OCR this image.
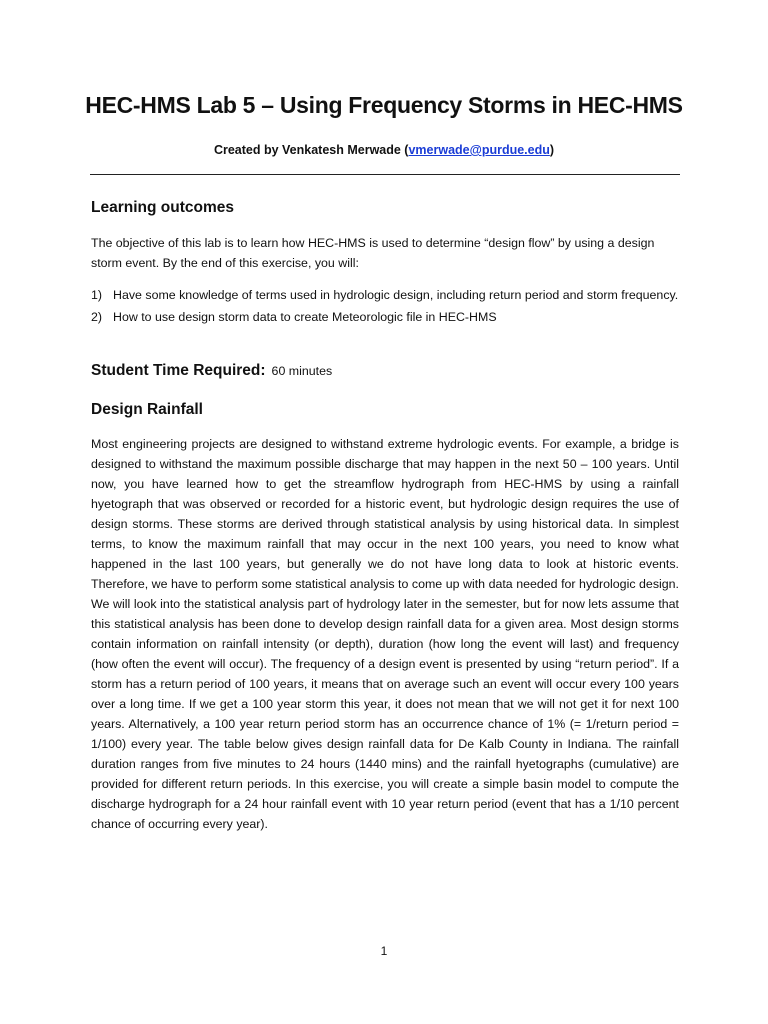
HEC-HMS Lab 5 – Using Frequency Storms in HEC-HMS
Created by Venkatesh Merwade (vmerwade@purdue.edu)
Learning outcomes
The objective of this lab is to learn how HEC-HMS is used to determine “design flow” by using a design storm event. By the end of this exercise, you will:
1) Have some knowledge of terms used in hydrologic design, including return period and storm frequency.
2) How to use design storm data to create Meteorologic file in HEC-HMS
Student Time Required: 60 minutes
Design Rainfall
Most engineering projects are designed to withstand extreme hydrologic events. For example, a bridge is designed to withstand the maximum possible discharge that may happen in the next 50 – 100 years. Until now, you have learned how to get the streamflow hydrograph from HEC-HMS by using a rainfall hyetograph that was observed or recorded for a historic event, but hydrologic design requires the use of design storms. These storms are derived through statistical analysis by using historical data. In simplest terms, to know the maximum rainfall that may occur in the next 100 years, you need to know what happened in the last 100 years, but generally we do not have long data to look at historic events. Therefore, we have to perform some statistical analysis to come up with data needed for hydrologic design. We will look into the statistical analysis part of hydrology later in the semester, but for now lets assume that this statistical analysis has been done to develop design rainfall data for a given area. Most design storms contain information on rainfall intensity (or depth), duration (how long the event will last) and frequency (how often the event will occur). The frequency of a design event is presented by using “return period”. If a storm has a return period of 100 years, it means that on average such an event will occur every 100 years over a long time. If we get a 100 year storm this year, it does not mean that we will not get it for next 100 years. Alternatively, a 100 year return period storm has an occurrence chance of 1% (= 1/return period = 1/100) every year. The table below gives design rainfall data for De Kalb County in Indiana. The rainfall duration ranges from five minutes to 24 hours (1440 mins) and the rainfall hyetographs (cumulative) are provided for different return periods. In this exercise, you will create a simple basin model to compute the discharge hydrograph for a 24 hour rainfall event with 10 year return period (event that has a 1/10 percent chance of occurring every year).
1
